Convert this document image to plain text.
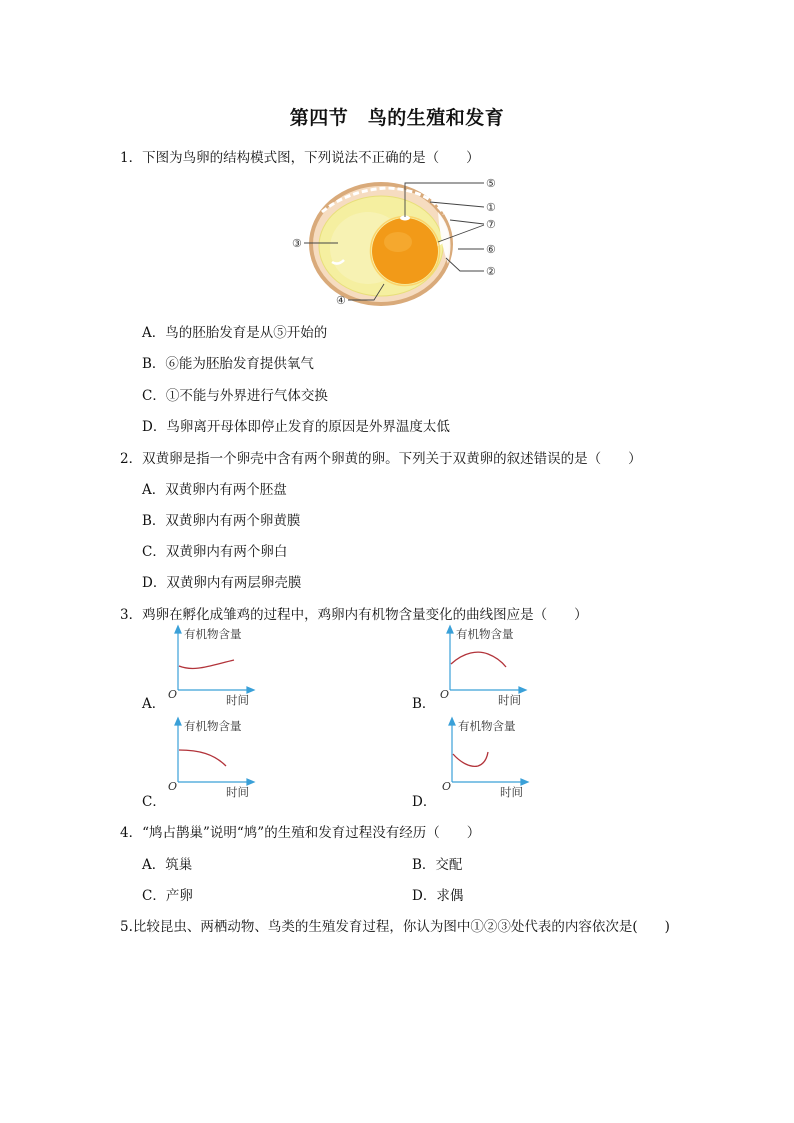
第四节　鸟的生殖和发育
1．下图为鸟卵的结构模式图，下列说法不正确的是（　　）
⑤
①
⑦
⑥
②
③
④
A．鸟的胚胎发育是从⑤开始的
B．⑥能为胚胎发育提供氧气
C．①不能与外界进行气体交换
D．鸟卵离开母体即停止发育的原因是外界温度太低
2．双黄卵是指一个卵壳中含有两个卵黄的卵。下列关于双黄卵的叙述错误的是（　　）
A．双黄卵内有两个胚盘
B．双黄卵内有两个卵黄膜
C．双黄卵内有两个卵白
D．双黄卵内有两层卵壳膜
3．鸡卵在孵化成雏鸡的过程中，鸡卵内有机物含量变化的曲线图应是（　　）
A．	B．
C．	D．
有机物含量
时间
O
有机物含量
时间
O
有机物含量
时间
O
有机物含量
时间
O
4．“鸠占鹊巢”说明“鸠”的生殖和发育过程没有经历（　　）
A．筑巢	B．交配
C．产卵	D．求偶
5.比较昆虫、两栖动物、鸟类的生殖发育过程，你认为图中①②③处代表的内容依次是(　　)
